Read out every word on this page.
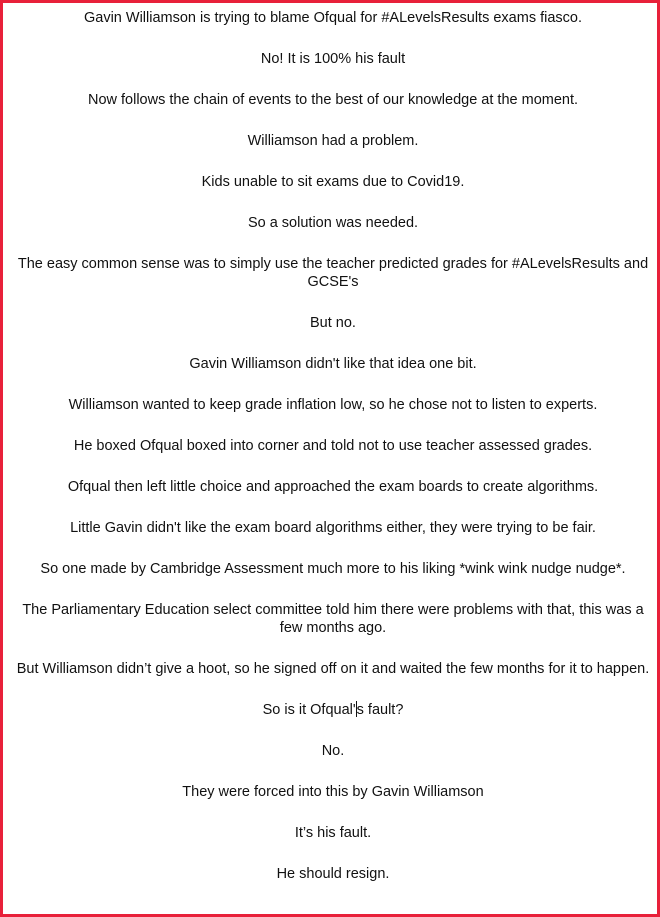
Gavin Williamson is trying to blame Ofqual for #ALevelsResults exams fiasco.

No! It is 100% his fault

Now follows the chain of events to the best of our knowledge at the moment.

Williamson had a problem.

Kids unable to sit exams due to Covid19.

So a solution was needed.

The easy common sense was to simply use the teacher predicted grades for #ALevelsResults and GCSE's

But no.

Gavin Williamson didn't like that idea one bit.

Williamson wanted to keep grade inflation low, so he chose not to listen to experts.

He boxed Ofqual boxed into corner and told not to use teacher assessed grades.

Ofqual then left little choice and approached the exam boards to create algorithms.

Little Gavin didn't like the exam board algorithms either, they were trying to be fair.

So one made by Cambridge Assessment much more to his liking *wink wink nudge nudge*.

The Parliamentary Education select committee told him there were problems with that, this was a few months ago.

But Williamson didn’t give a hoot, so he signed off on it and waited the few months for it to happen.

So is it Ofqual's fault?

No.

They were forced into this by Gavin Williamson

It’s his fault.

He should resign.
